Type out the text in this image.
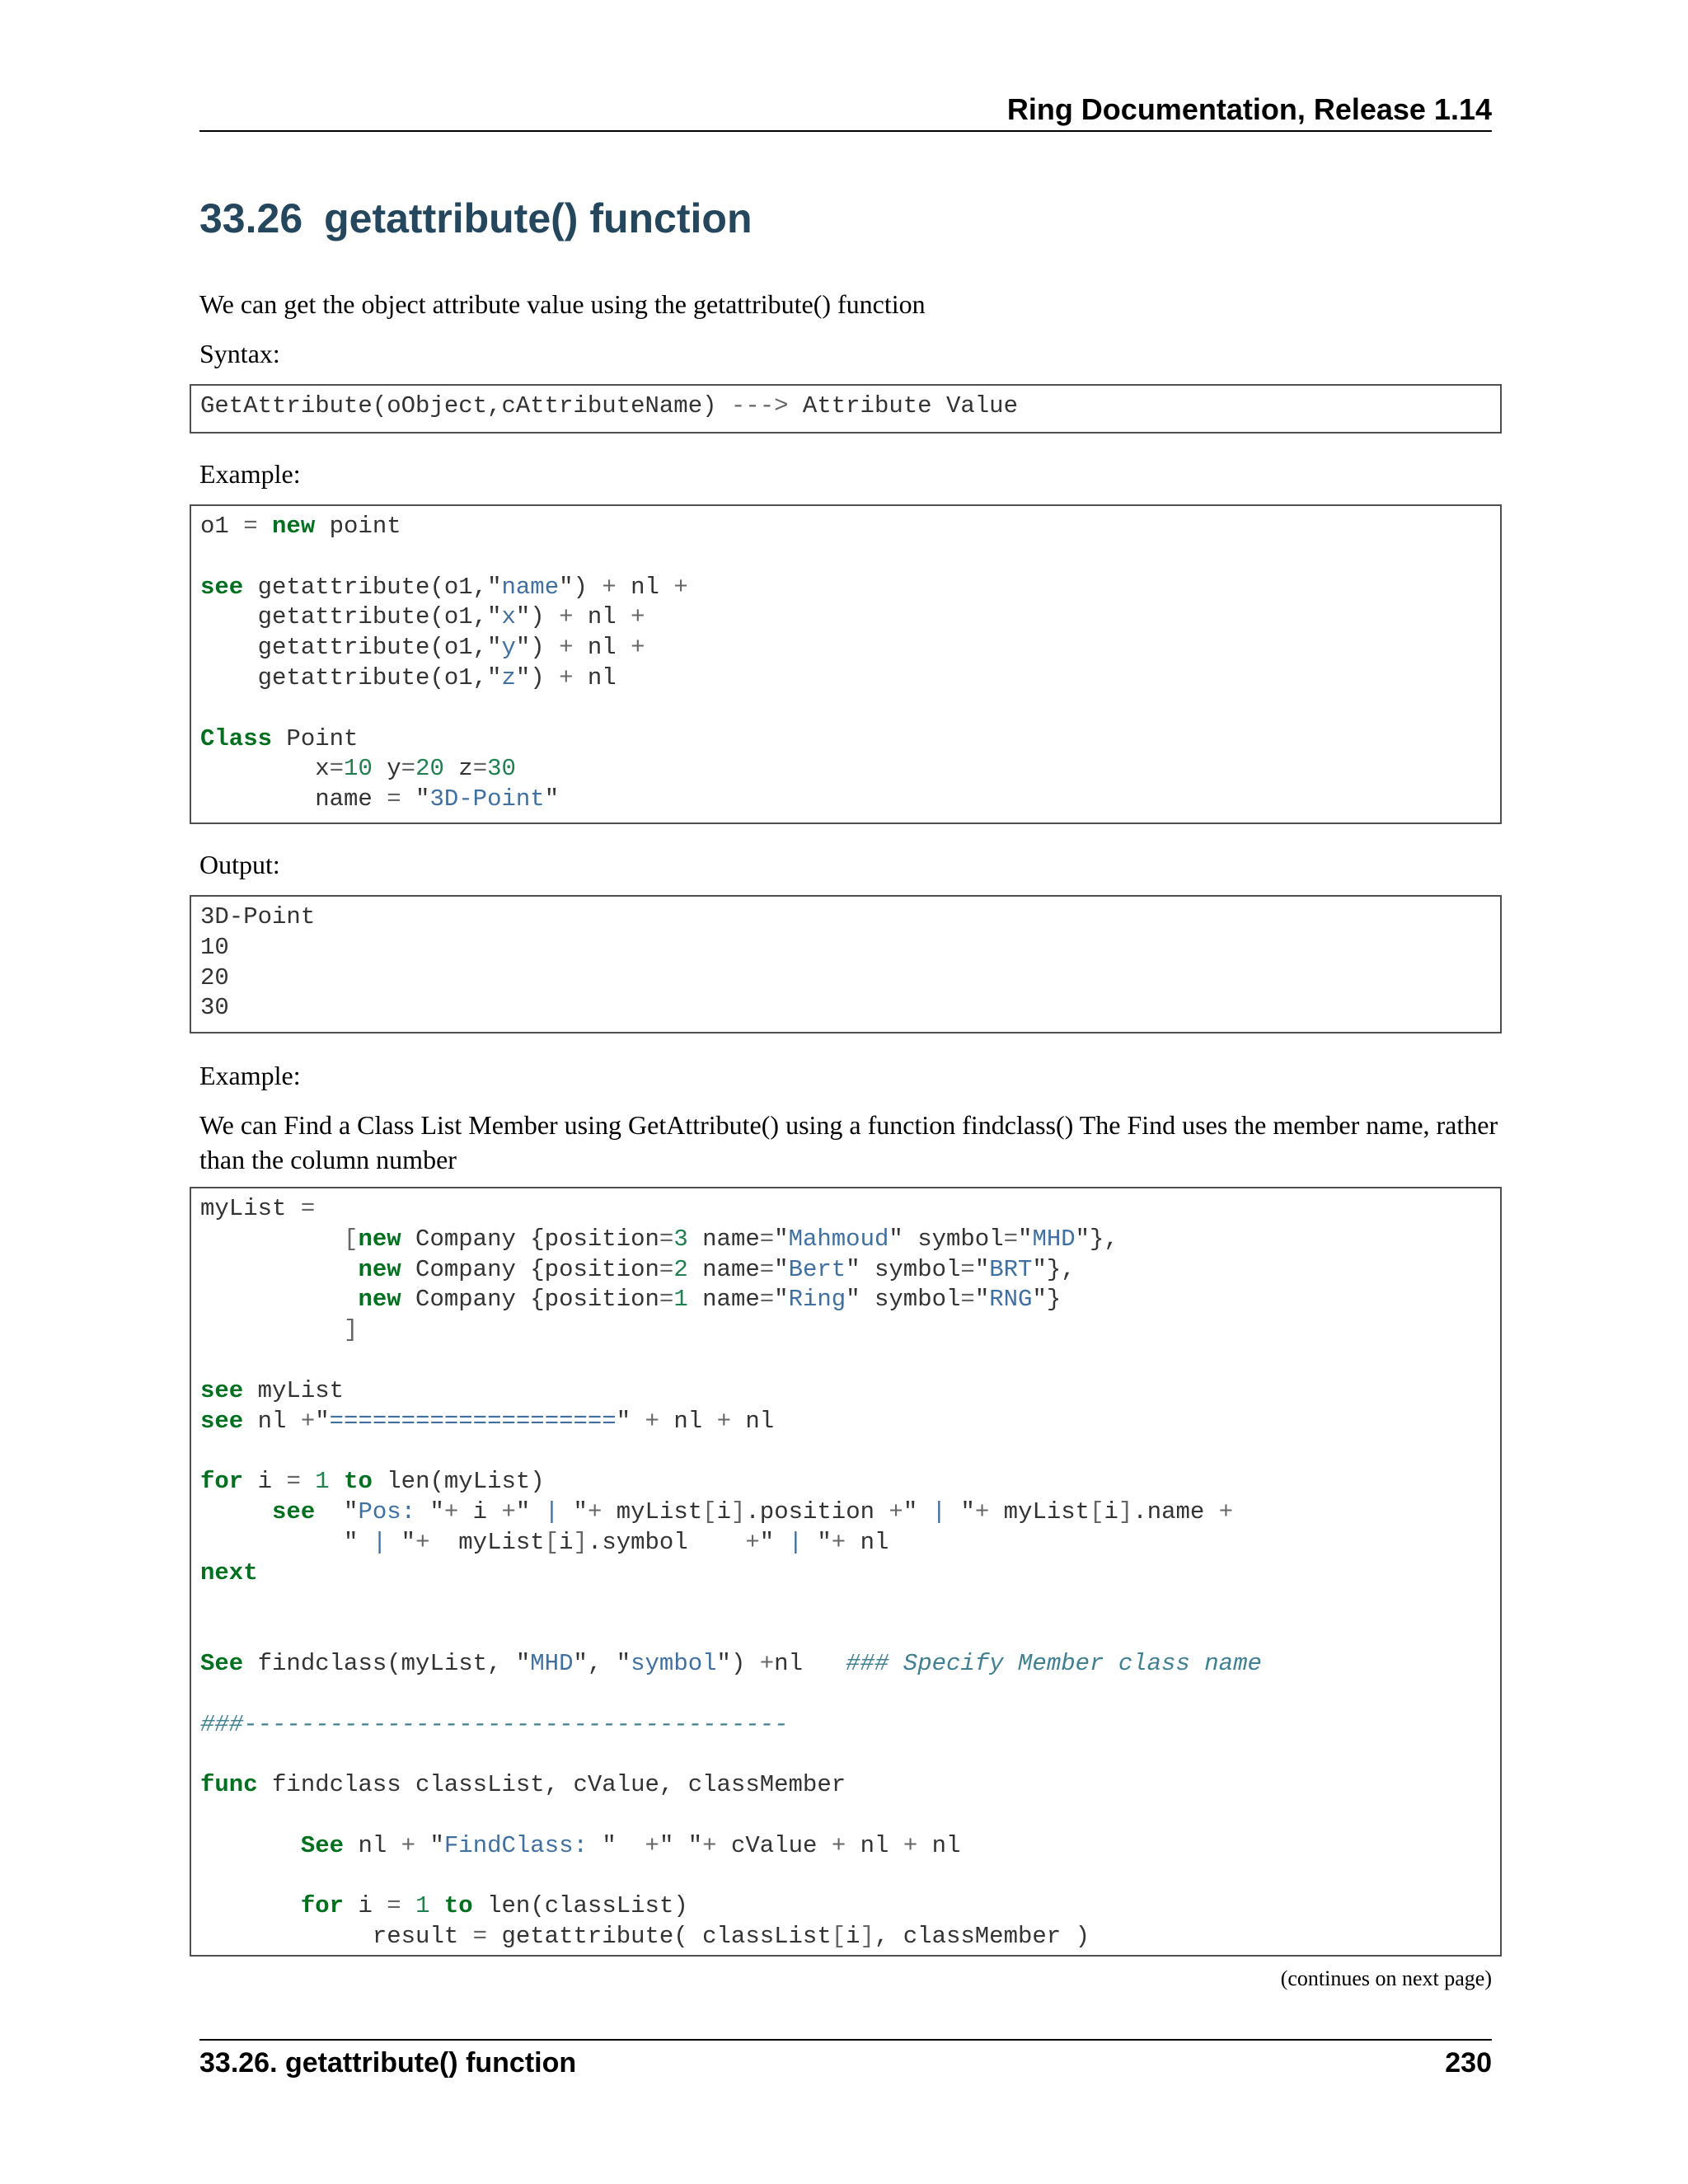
Ring Documentation, Release 1.14
33.26 getattribute() function
We can get the object attribute value using the getattribute() function
Syntax:
GetAttribute(oObject,cAttributeName) ---> Attribute Value
Example:
o1 = new point

see getattribute(o1,"name") + nl +
getattribute(o1,"x") + nl +
getattribute(o1,"y") + nl +
getattribute(o1,"z") + nl

Class Point
x=10 y=20 z=30
name = "3D-Point"
Output:
3D-Point
10
20
30
Example:
We can Find a Class List Member using GetAttribute() using a function findclass() The Find uses the member name, rather than the column number
myList =
[new Company {position=3 name="Mahmoud" symbol="MHD"},
new Company {position=2 name="Bert" symbol="BRT"},
new Company {position=1 name="Ring" symbol="RNG"}
]

see myList
see nl +"====================" + nl + nl

for i = 1 to len(myList)
see  "Pos: "+ i +" | "+ myList[i].position +" | "+ myList[i].name +
" | "+  myList[i].symbol    +" | "+ nl
next

See findclass(myList, "MHD", "symbol") +nl   ### Specify Member class name

###--------------------------------------

func findclass classList, cValue, classMember

See nl + "FindClass: "  +" "+ cValue + nl + nl

for i = 1 to len(classList)
result = getattribute( classList[i], classMember )
(continues on next page)
33.26. getattribute() function	230
